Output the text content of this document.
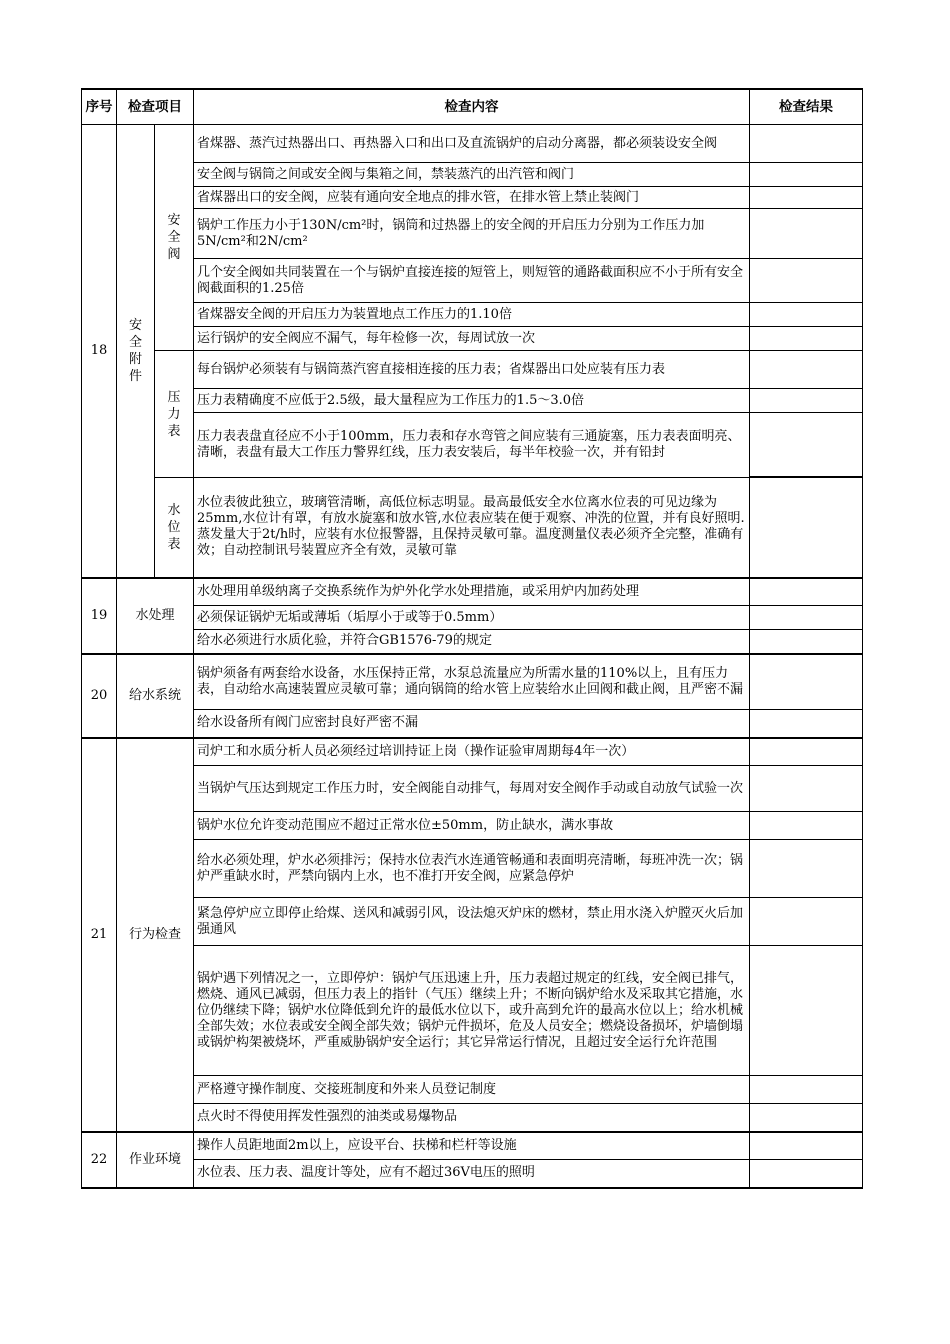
序号	检查项目		检查内容	检查结果
18	安全附件	安全阀	省煤器、蒸汽过热器出口、再热器入口和出口及直流锅炉的启动分离器，都必须装设安全阀	
			安全阀与锅筒之间或安全阀与集箱之间，禁装蒸汽的出汽管和阀门	
			省煤器出口的安全阀，应装有通向安全地点的排水管，在排水管上禁止装阀门	
			锅炉工作压力小于130N/cm²时，锅筒和过热器上的安全阀的开启压力分别为工作压力加5N/cm²和2N/cm²	
			几个安全阀如共同装置在一个与锅炉直接连接的短管上，则短管的通路截面积应不小于所有安全阀截面积的1.25倍	
			省煤器安全阀的开启压力为装置地点工作压力的1.10倍	
			运行锅炉的安全阀应不漏气，每年检修一次，每周试放一次	
		压力表	每台锅炉必须装有与锅筒蒸汽窖直接相连接的压力表；省煤器出口处应装有压力表	
			压力表精确度不应低于2.5级，最大量程应为工作压力的1.5～3.0倍	
			压力表表盘直径应不小于100mm，压力表和存水弯管之间应装有三通旋塞，压力表表面明亮、清晰，表盘有最大工作压力警界红线，压力表安装后，每半年校验一次，并有铅封	

		水位表	水位表彼此独立，玻璃管清晰，高低位标志明显。最高最低安全水位离水位表的可见边缘为25mm,水位计有罩，有放水旋塞和放水管,水位表应装在便于观察、冲洗的位置，并有良好照明.蒸发量大于2t/h时，应装有水位报警器，且保持灵敏可靠。温度测量仪表必须齐全完整，准确有效；自动控制讯号装置应齐全有效，灵敏可靠	
19	水处理		水处理用单级纳离子交换系统作为炉外化学水处理措施，或采用炉内加药处理	
			必须保证锅炉无垢或薄垢（垢厚小于或等于0.5mm）	
			给水必须进行水质化验，并符合GB1576-79的规定	
20	给水系统		锅炉须备有两套给水设备，水压保持正常，水泵总流量应为所需水量的110%以上，且有压力表，自动给水高速装置应灵敏可靠；通向锅筒的给水管上应装给水止回阀和截止阀，且严密不漏	
			给水设备所有阀门应密封良好严密不漏	
21	行为检查		司炉工和水质分析人员必须经过培训持证上岗（操作证验审周期每4年一次）	
			当锅炉气压达到规定工作压力时，安全阀能自动排气，每周对安全阀作手动或自动放气试验一次	
			锅炉水位允许变动范围应不超过正常水位±50mm，防止缺水，满水事故	
			给水必须处理，炉水必须排污；保持水位表汽水连通管畅通和表面明亮清晰，每班冲洗一次；锅炉严重缺水时，严禁向锅内上水，也不准打开安全阀，应紧急停炉	
			紧急停炉应立即停止给煤、送风和减弱引风，设法熄灭炉床的燃材，禁止用水浇入炉膛灭火后加强通风	
			锅炉遇下列情况之一，立即停炉：锅炉气压迅速上升，压力表超过规定的红线，安全阀已排气，燃烧、通风已减弱，但压力表上的指针（气压）继续上升；不断向锅炉给水及采取其它措施，水位仍继续下降；锅炉水位降低到允许的最低水位以下，或升高到允许的最高水位以上；给水机械全部失效；水位表或安全阀全部失效；锅炉元件损坏，危及人员安全；燃烧设备损坏，炉墙倒塌或锅炉构架被烧坏，严重威胁锅炉安全运行；其它异常运行情况，且超过安全运行允许范围	
			严格遵守操作制度、交接班制度和外来人员登记制度	
			点火时不得使用挥发性强烈的油类或易爆物品	
22	作业环境		操作人员距地面2m以上，应设平台、扶梯和栏杆等设施	
			水位表、压力表、温度计等处，应有不超过36V电压的照明	
